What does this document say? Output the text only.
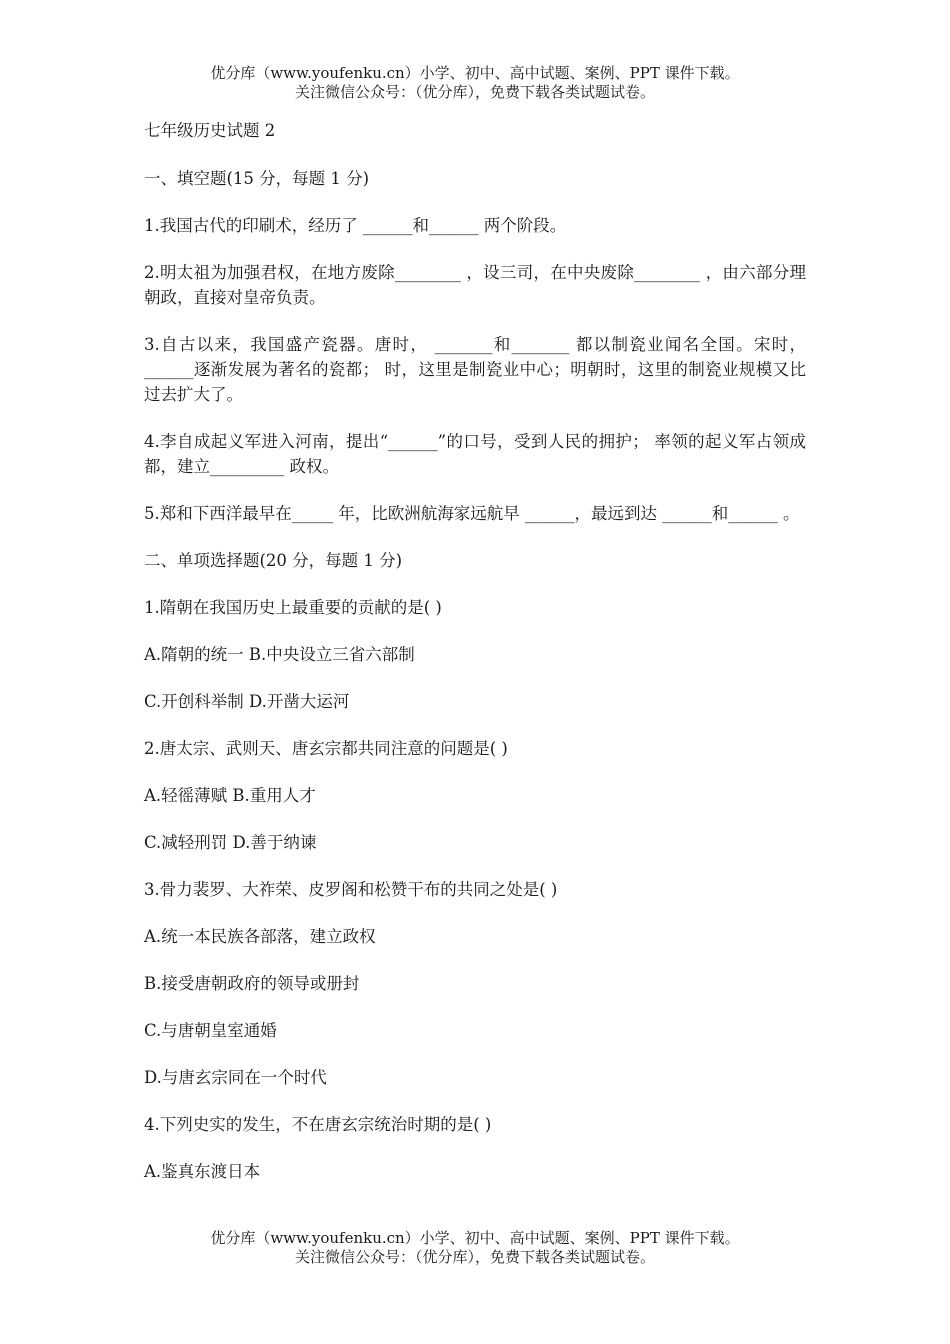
优分库（www.youfenku.cn）小学、初中、高中试题、案例、PPT 课件下载。
关注微信公众号：（优分库），免费下载各类试题试卷。

七年级历史试题 2

一、填空题(15 分，每题 1 分)

1.我国古代的印刷术，经历了 ______和______ 两个阶段。

2.明太祖为加强君权，在地方废除________ ，设三司，在中央废除________ ，由六部分理朝政，直接对皇帝负责。

3.自古以来，我国盛产瓷器。唐时， _______和_______ 都以制瓷业闻名全国。宋时，______逐渐发展为著名的瓷都； 时，这里是制瓷业中心；明朝时，这里的制瓷业规模又比过去扩大了。

4.李自成起义军进入河南，提出“______”的口号，受到人民的拥护； 率领的起义军占领成都，建立_________ 政权。

5.郑和下西洋最早在_____ 年，比欧洲航海家远航早 ______，最远到达 ______和______ 。

二、单项选择题(20 分，每题 1 分)

1.隋朝在我国历史上最重要的贡献的是( )

A.隋朝的统一 B.中央设立三省六部制

C.开创科举制 D.开凿大运河

2.唐太宗、武则天、唐玄宗都共同注意的问题是( )

A.轻徭薄赋 B.重用人才

C.减轻刑罚 D.善于纳谏

3.骨力裴罗、大祚荣、皮罗阁和松赞干布的共同之处是( )

A.统一本民族各部落，建立政权

B.接受唐朝政府的领导或册封

C.与唐朝皇室通婚

D.与唐玄宗同在一个时代

4.下列史实的发生，不在唐玄宗统治时期的是( )

A.鉴真东渡日本

优分库（www.youfenku.cn）小学、初中、高中试题、案例、PPT 课件下载。
关注微信公众号：（优分库），免费下载各类试题试卷。
